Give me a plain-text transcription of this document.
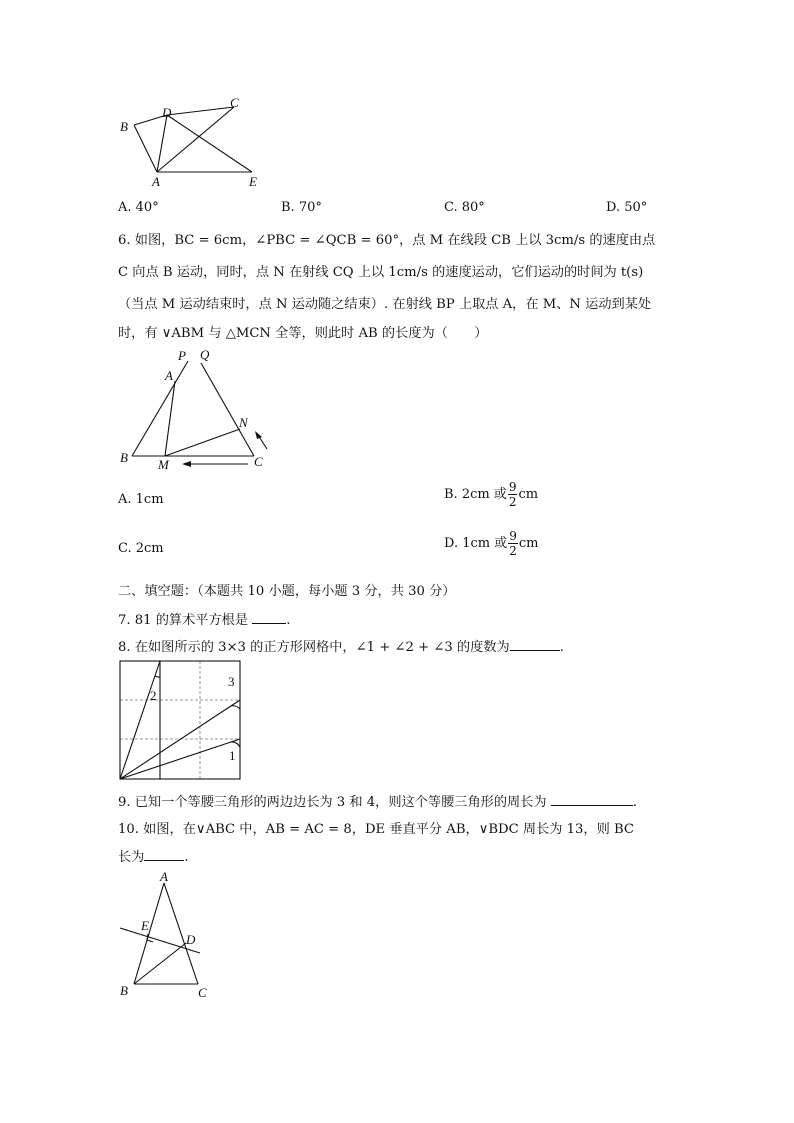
B
D
C
A	E
A. 40°	B. 70°	C. 80°	D. 50°
6. 如图，BC = 6cm，∠PBC = ∠QCB = 60°，点 M 在线段 CB 上以 3cm/s 的速度由点
C 向点 B 运动，同时，点 N 在射线 CQ 上以 1cm/s 的速度运动，它们运动的时间为 t(s)
（当点 M 运动结束时，点 N 运动随之结束）. 在射线 BP 上取点 A，在 M、N 运动到某处
时，有 ∨ABM 与 △MCN 全等，则此时 AB 的长度为（　　）
P Q
A
N
B M	C
A. 1cm	B. 2cm 或 $\frac{9}{2}$ cm
C. 2cm	D. 1cm 或 $\frac{9}{2}$ cm
二、填空题：（本题共 10 小题，每小题 3 分，共 30 分）
7. 81 的算术平方根是	.
8. 在如图所示的 3×3 的正方形网格中，∠1 + ∠2 + ∠3 的度数为	.
2
3
1
9. 已知一个等腰三角形的两边边长为 3 和 4，则这个等腰三角形的周长为	.
10. 如图，在∨ABC 中，AB = AC = 8，DE 垂直平分 AB，∨BDC 周长为 13，则 BC
长为	.
A
E
D
B	C
